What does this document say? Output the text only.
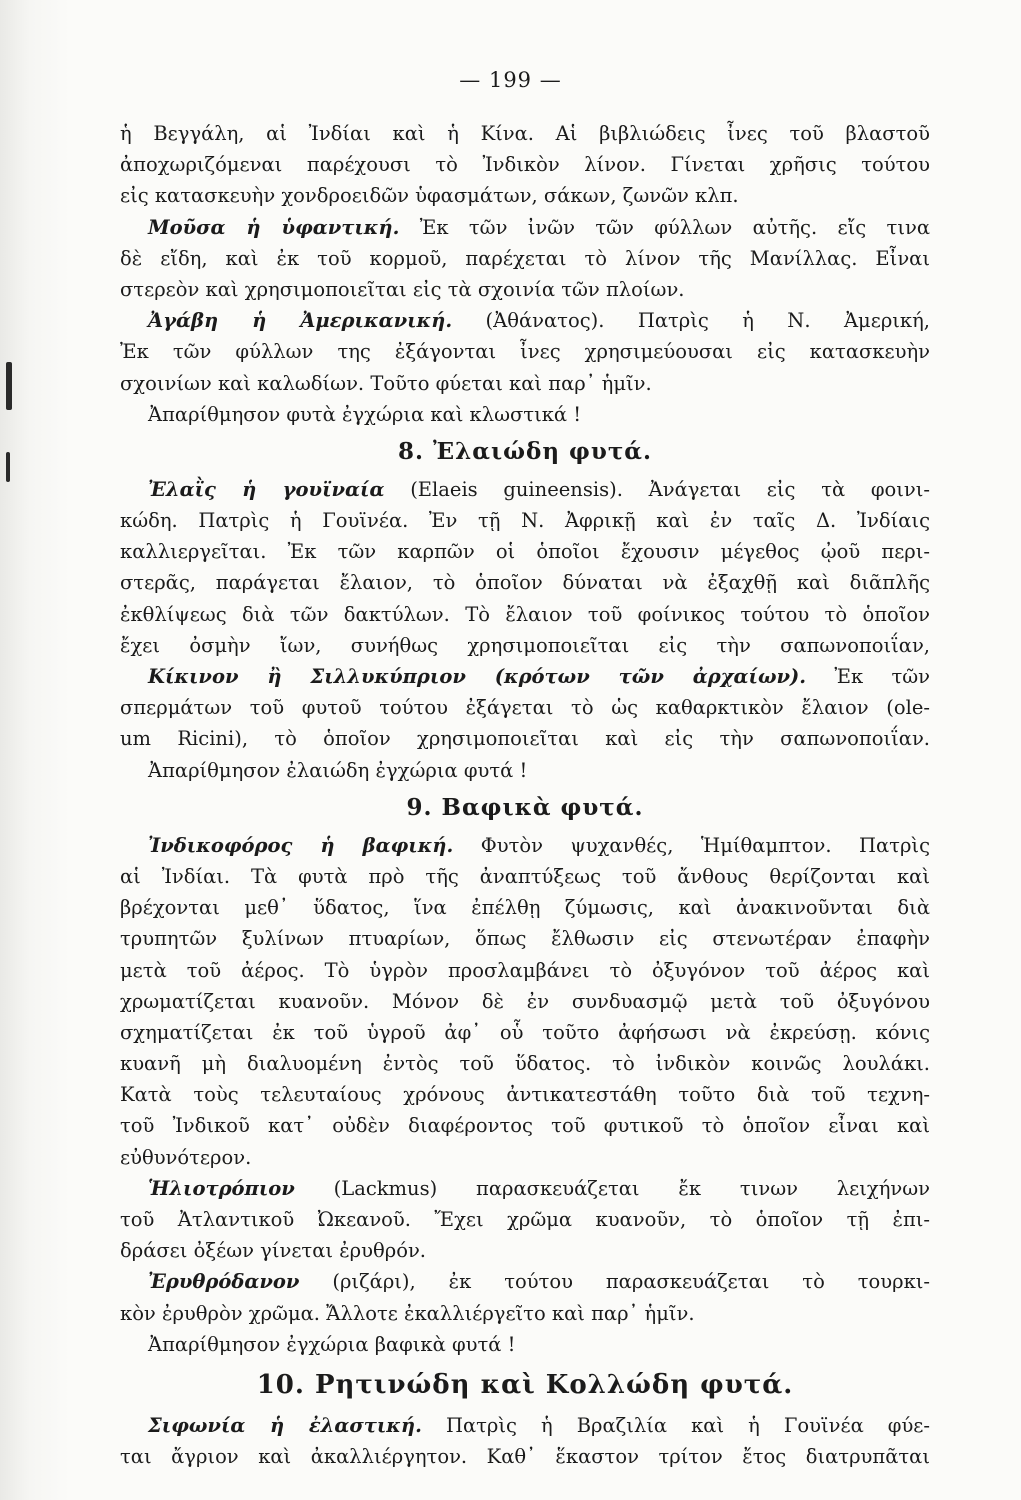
— 199 —
ἡ Βεγγάλη, αἱ Ἰνδίαι καὶ ἡ Κίνα. Αἱ βιβλιώδεις ἶνες τοῦ βλαστοῦ
ἀποχωριζόμεναι παρέχουσι τὸ Ἰνδικὸν λίνον. Γίνεται χρῆσις τούτου
εἰς κατασκευὴν χονδροειδῶν ὑφασμάτων, σάκων, ζωνῶν κλπ.
Μοῦσα ἡ ὑφαντική. Ἐκ τῶν ἰνῶν τῶν φύλλων αὐτῆς. εἴς τινα
δὲ εἴδη, καὶ ἐκ τοῦ κορμοῦ, παρέχεται τὸ λίνον τῆς Μανίλλας. Εἶναι
στερεὸν καὶ χρησιμοποιεῖται εἰς τὰ σχοινία τῶν πλοίων.
Ἀγάβη ἡ Ἀμερικανική. (Ἀθάνατος). Πατρὶς ἡ Ν. Ἀμερική,
Ἐκ τῶν φύλλων της ἐξάγονται ἶνες χρησιμεύουσαι εἰς κατασκευὴν
σχοινίων καὶ καλωδίων. Τοῦτο φύεται καὶ παρ᾽ ἡμῖν.
Ἀπαρίθμησον φυτὰ ἐγχώρια καὶ κλωστικά !
8. Ἐλαιώδη φυτά.
Ἐλαῒς ἡ γουϊναία (Elaeis guineensis). Ἀνάγεται εἰς τὰ φοινι-
κώδη. Πατρὶς ἡ Γουϊνέα. Ἐν τῇ Ν. Ἀφρικῇ καὶ ἐν ταῖς Δ. Ἰνδίαις
καλλιεργεῖται. Ἐκ τῶν καρπῶν οἱ ὁποῖοι ἔχουσιν μέγεθος ᾠοῦ περι-
στερᾶς, παράγεται ἔλαιον, τὸ ὁποῖον δύναται νὰ ἐξαχθῇ καὶ διᾶπλῆς
ἐκθλίψεως διὰ τῶν δακτύλων. Τὸ ἔλαιον τοῦ φοίνικος τούτου τὸ ὁποῖον
ἔχει ὀσμὴν ἴων, συνήθως χρησιμοποιεῖται εἰς τὴν σαπωνοποιΐαν,
Κίκινον ἢ Σιλλυκύπριον (κρότων τῶν ἀρχαίων). Ἐκ τῶν
σπερμάτων τοῦ φυτοῦ τούτου ἐξάγεται τὸ ὡς καθαρκτικὸν ἔλαιον (ole-
um Ricini), τὸ ὁποῖον χρησιμοποιεῖται καὶ εἰς τὴν σαπωνοποιΐαν.
Ἀπαρίθμησον ἐλαιώδη ἐγχώρια φυτά !
9. Βαφικὰ φυτά.
Ἰνδικοφόρος ἡ βαφική. Φυτὸν ψυχανθές, Ἡμίθαμπτον. Πατρὶς
αἱ Ἰνδίαι. Τὰ φυτὰ πρὸ τῆς ἀναπτύξεως τοῦ ἄνθους θερίζονται καὶ
βρέχονται μεθ᾽ ὕδατος, ἵνα ἐπέλθῃ ζύμωσις, καὶ ἀνακινοῦνται διὰ
τρυπητῶν ξυλίνων πτυαρίων, ὅπως ἔλθωσιν εἰς στενωτέραν ἐπαφὴν
μετὰ τοῦ ἀέρος. Τὸ ὑγρὸν προσλαμβάνει τὸ ὀξυγόνον τοῦ ἀέρος καὶ
χρωματίζεται κυανοῦν. Μόνον δὲ ἐν συνδυασμῷ μετὰ τοῦ ὀξυγόνου
σχηματίζεται ἐκ τοῦ ὑγροῦ ἀφ᾽ οὗ τοῦτο ἀφήσωσι νὰ ἐκρεύσῃ. κόνις
κυανῆ μὴ διαλυομένη ἐντὸς τοῦ ὕδατος. τὸ ἰνδικὸν κοινῶς λουλάκι.
Κατὰ τοὺς τελευταίους χρόνους ἀντικατεστάθη τοῦτο διὰ τοῦ τεχνη-
τοῦ Ἰνδικοῦ κατ᾽ οὐδὲν διαφέροντος τοῦ φυτικοῦ τὸ ὁποῖον εἶναι καὶ
εὐθυνότερον.
Ἡλιοτρόπιον (Lackmus) παρασκευάζεται ἔκ τινων λειχήνων
τοῦ Ἀτλαντικοῦ Ὠκεανοῦ. Ἔχει χρῶμα κυανοῦν, τὸ ὁποῖον τῇ ἐπι-
δράσει ὀξέων γίνεται ἐρυθρόν.
Ἐρυθρόδανον (ριζάρι), ἐκ τούτου παρασκευάζεται τὸ τουρκι-
κὸν ἐρυθρὸν χρῶμα. Ἄλλοτε ἐκαλλιέργεῖτο καὶ παρ᾽ ἡμῖν.
Ἀπαρίθμησον ἐγχώρια βαφικὰ φυτά !
10. Ρητινώδη καὶ Κολλώδη φυτά.
Σιφωνία ἡ ἐλαστική. Πατρὶς ἡ Βραζιλία καὶ ἡ Γουϊνέα φύε-
ται ἄγριον καὶ ἀκαλλιέργητον. Καθ᾽ ἕκαστον τρίτον ἔτος διατρυπᾶται
